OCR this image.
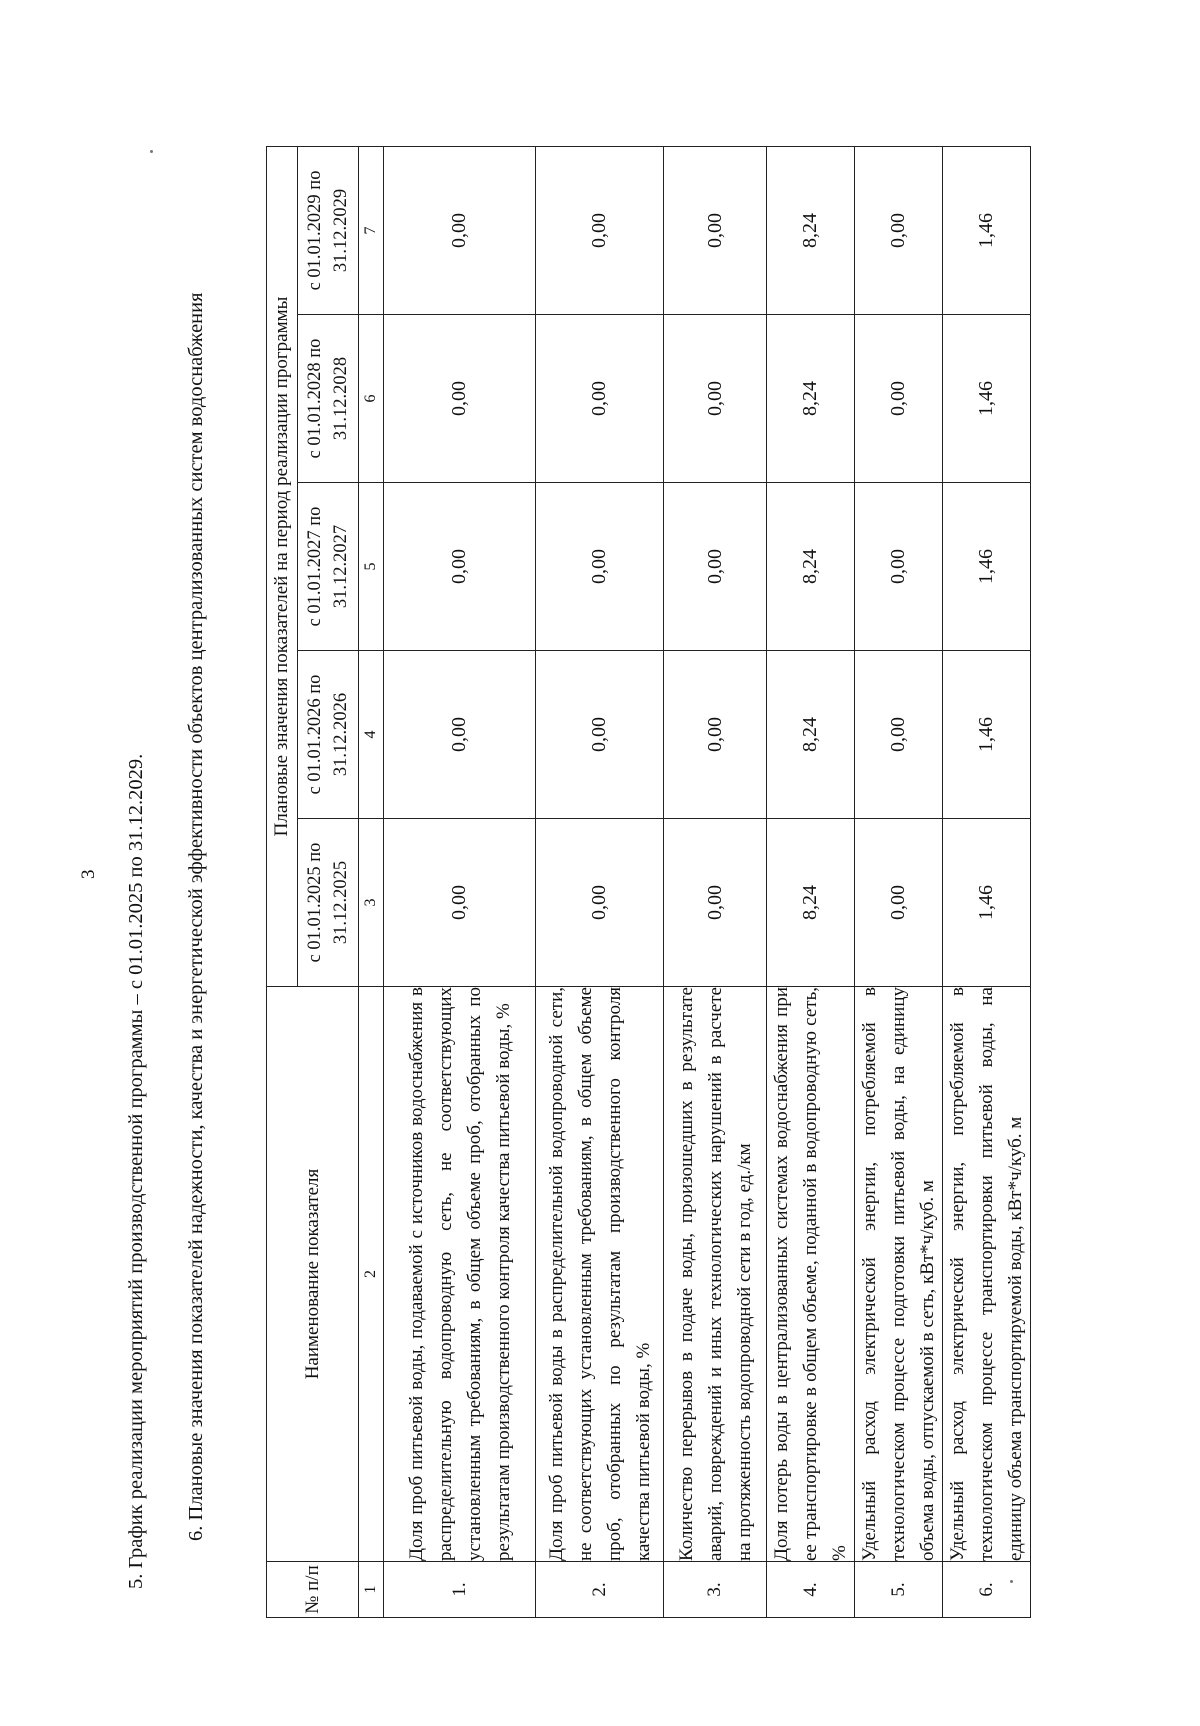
3 5. График реализации мероприятий производственной программы – с 01.01.2025 по 31.12.2029. 6. Плановые значения показателей надежности, качества и энергетической эффективности объектов централизованных систем водоснабжения
№ п/п	Наименование показателя	Плановые значения показателей на период реализации программы				
		с 01.01.2025 по 31.12.2025	с 01.01.2026 по 31.12.2026	с 01.01.2027 по 31.12.2027	с 01.01.2028 по 31.12.2028	с 01.01.2029 по 31.12.2029
1	2	3	4	5	6	7
1.	Доля проб питьевой воды, подаваемой с источников водоснабжения в распределительную водопроводную сеть, не соответствующих установленным требованиям, в общем объеме проб, отобранных по результатам производственного контроля качества питьевой воды, %	0,00	0,00	0,00	0,00	0,00
2.	Доля проб питьевой воды в распределительной водопроводной сети, не соответствующих установленным требованиям, в общем объеме проб, отобранных по результатам производственного контроля качества питьевой воды, %	0,00	0,00	0,00	0,00	0,00
3.	Количество перерывов в подаче воды, произошедших в результате аварий, повреждений и иных технологических нарушений в расчете на протяженность водопроводной сети в год, ед./км	0,00	0,00	0,00	0,00	0,00
4.	Доля потерь воды в централизованных системах водоснабжения при ее транспортировке в общем объеме, поданной в водопроводную сеть, %	8,24	8,24	8,24	8,24	8,24
5.	Удельный расход электрической энергии, потребляемой в технологическом процессе подготовки питьевой воды, на единицу объема воды, отпускаемой в сеть, кВт*ч/куб. м	0,00	0,00	0,00	0,00	0,00
6.	Удельный расход электрической энергии, потребляемой в технологическом процессе транспортировки питьевой воды, на единицу объема транспортируемой воды, кВт*ч/куб. м	1,46	1,46	1,46	1,46	1,46
